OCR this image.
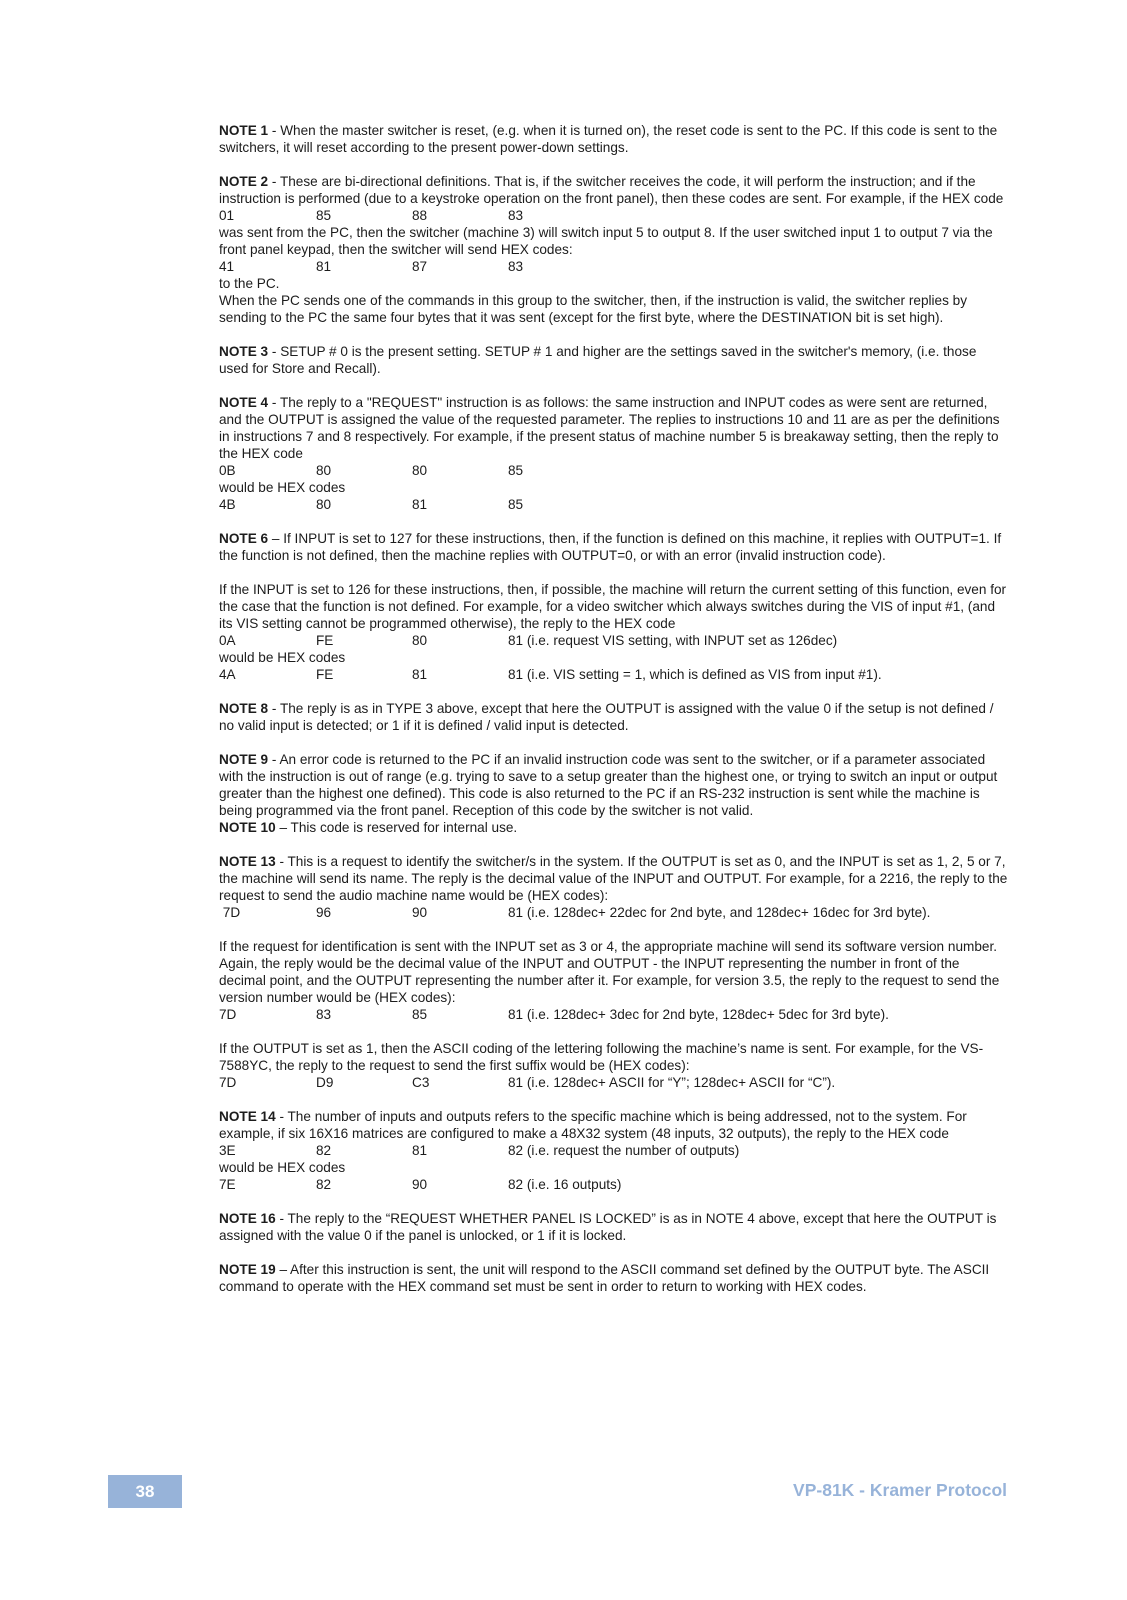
NOTE 1 - When the master switcher is reset, (e.g. when it is turned on), the reset code is sent to the PC. If this code is sent to the switchers, it will reset according to the present power-down settings.

NOTE 2 - These are bi-directional definitions. That is, if the switcher receives the code, it will perform the instruction; and if the instruction is performed (due to a keystroke operation on the front panel), then these codes are sent. For example, if the HEX code
01	85	88	83
was sent from the PC, then the switcher (machine 3) will switch input 5 to output 8. If the user switched input 1 to output 7 via the front panel keypad, then the switcher will send HEX codes:
41	81	87	83
to the PC.
When the PC sends one of the commands in this group to the switcher, then, if the instruction is valid, the switcher replies by sending to the PC the same four bytes that it was sent (except for the first byte, where the DESTINATION bit is set high).

NOTE 3 - SETUP # 0 is the present setting. SETUP # 1 and higher are the settings saved in the switcher's memory, (i.e. those used for Store and Recall).

NOTE 4 - The reply to a "REQUEST" instruction is as follows: the same instruction and INPUT codes as were sent are returned, and the OUTPUT is assigned the value of the requested parameter. The replies to instructions 10 and 11 are as per the definitions in instructions 7 and 8 respectively. For example, if the present status of machine number 5 is breakaway setting, then the reply to the HEX code
0B	80	80	85
would be HEX codes
4B	80	81	85

NOTE 6 – If INPUT is set to 127 for these instructions, then, if the function is defined on this machine, it replies with OUTPUT=1. If the function is not defined, then the machine replies with OUTPUT=0, or with an error (invalid instruction code).

If the INPUT is set to 126 for these instructions, then, if possible, the machine will return the current setting of this function, even for the case that the function is not defined. For example, for a video switcher which always switches during the VIS of input #1, (and its VIS setting cannot be programmed otherwise), the reply to the HEX code
0A	FE	80	81 (i.e. request VIS setting, with INPUT set as 126dec)
would be HEX codes
4A	FE	81	81 (i.e. VIS setting = 1, which is defined as VIS from input #1).

NOTE 8 - The reply is as in TYPE 3 above, except that here the OUTPUT is assigned with the value 0 if the setup is not defined / no valid input is detected; or 1 if it is defined / valid input is detected.

NOTE 9 - An error code is returned to the PC if an invalid instruction code was sent to the switcher, or if a parameter associated with the instruction is out of range (e.g. trying to save to a setup greater than the highest one, or trying to switch an input or output greater than the highest one defined). This code is also returned to the PC if an RS-232 instruction is sent while the machine is being programmed via the front panel. Reception of this code by the switcher is not valid.

NOTE 10 – This code is reserved for internal use.

NOTE 13 - This is a request to identify the switcher/s in the system. If the OUTPUT is set as 0, and the INPUT is set as 1, 2, 5 or 7, the machine will send its name. The reply is the decimal value of the INPUT and OUTPUT. For example, for a 2216, the reply to the request to send the audio machine name would be (HEX codes):
7D	96	90	81 (i.e. 128dec+ 22dec for 2nd byte, and 128dec+ 16dec for 3rd byte).
If the request for identification is sent with the INPUT set as 3 or 4, the appropriate machine will send its software version number. Again, the reply would be the decimal value of the INPUT and OUTPUT - the INPUT representing the number in front of the decimal point, and the OUTPUT representing the number after it. For example, for version 3.5, the reply to the request to send the version number would be (HEX codes):
7D	83	85	81 (i.e. 128dec+ 3dec for 2nd byte, 128dec+ 5dec for 3rd byte).
If the OUTPUT is set as 1, then the ASCII coding of the lettering following the machine’s name is sent. For example, for the VS-7588YC, the reply to the request to send the first suffix would be (HEX codes):
7D	D9	C3	81 (i.e. 128dec+ ASCII for “Y”; 128dec+ ASCII for “C”).
NOTE 14 - The number of inputs and outputs refers to the specific machine which is being addressed, not to the system. For example, if six 16X16 matrices are configured to make a 48X32 system (48 inputs, 32 outputs), the reply to the HEX code
3E	82	81	82 (i.e. request the number of outputs)
would be HEX codes
7E	82	90	82 (i.e. 16 outputs)

NOTE 16 - The reply to the “REQUEST WHETHER PANEL IS LOCKED” is as in NOTE 4 above, except that here the OUTPUT is assigned with the value 0 if the panel is unlocked, or 1 if it is locked.

NOTE 19 – After this instruction is sent, the unit will respond to the ASCII command set defined by the OUTPUT byte. The ASCII command to operate with the HEX command set must be sent in order to return to working with HEX codes.

38	VP-81K - Kramer Protocol
